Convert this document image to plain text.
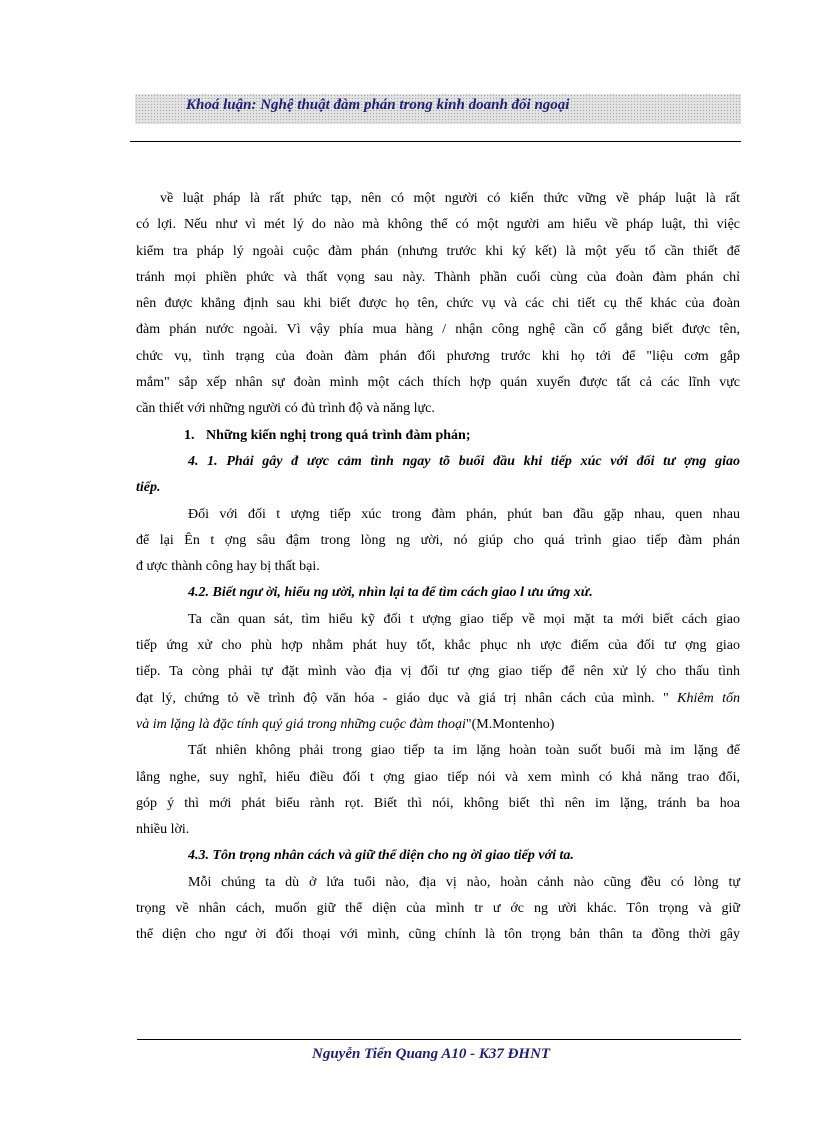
Khoá luận: Nghệ thuật đàm phán trong kinh doanh đối ngoại
về luật pháp là rất phức tạp, nên có một người có kiến thức vững về pháp luật là rất
có lợi. Nếu như vì mét lý do nào mà không thể có một người am hiểu về pháp luật, thì việc
kiểm tra pháp lý ngoài cuộc đàm phán (nhưng trước khi ký kết) là một yếu tố cần thiết để
tránh mọi phiền phức và thất vọng sau này. Thành phần cuối cùng của đoàn đàm phán chỉ
nên được khẳng định sau khi biết được họ tên, chức vụ và các chi tiết cụ thể khác của đoàn
đàm phán nước ngoài. Vì vậy phía mua hàng / nhận công nghệ cần cố gắng biết được tên,
chức vụ, tình trạng của đoàn đàm phán đối phương trước khi họ tới để "liệu cơm gắp
mắm" sắp xếp nhân sự đoàn mình một cách thích hợp quán xuyến được tất cả các lĩnh vực
cần thiết với những người có đủ trình độ và năng lực.
1. Những kiến nghị trong quá trình đàm phán;
4. 1. Phải gây đ ược cảm tình ngay tõ buổi đầu khi tiếp xúc với đối tư ợng giao
tiếp.
Đối với đối t ượng tiếp xúc trong đàm phán, phút ban đầu gặp nhau, quen nhau
để lại Ên t ợng sâu đậm trong lòng ng ười, nó giúp cho quá trình giao tiếp đàm phán
đ ược thành công hay bị thất bại.
4.2. Biết ngư ời, hiểu ng ười, nhìn lại ta để tìm cách giao l ưu ứng xử.
Ta cần quan sát, tìm hiểu kỹ đối t ượng giao tiếp về mọi mặt ta mới biết cách giao
tiếp ứng xử cho phù hợp nhằm phát huy tốt, khắc phục nh ược điểm của đối tư ợng giao
tiếp. Ta còng phải tự đặt mình vào địa vị đối tư ợng giao tiếp để nên xử lý cho thấu tình
đạt lý, chứng tỏ về trình độ văn hóa - giáo dục và giá trị nhân cách của mình. " Khiêm tốn
và im lặng là đặc tính quý giá trong những cuộc đàm thoại"(M.Montenho)
Tất nhiên không phải trong giao tiếp ta im lặng hoàn toàn suốt buổi mà im lặng để
lắng nghe, suy nghĩ, hiểu điều đối t ợng giao tiếp nói và xem mình có khả năng trao đổi,
góp ý thì mới phát biểu rành rọt. Biết thì nói, không biết thì nên im lặng, tránh ba hoa
nhiều lời.
4.3. Tôn trọng nhân cách và giữ thể diện cho ng ời giao tiếp với ta.
Mỗi chúng ta dù ở lứa tuổi nào, địa vị nào, hoàn cảnh nào cũng đều có lòng tự
trọng về nhân cách, muốn giữ thể diện của mình tr ư ớc ng ười khác. Tôn trọng và giữ
thể diện cho ngư ời đối thoại với mình, cũng chính là tôn trọng bản thân ta đồng thời gây
Nguyễn Tiến Quang A10 - K37 ĐHNT
